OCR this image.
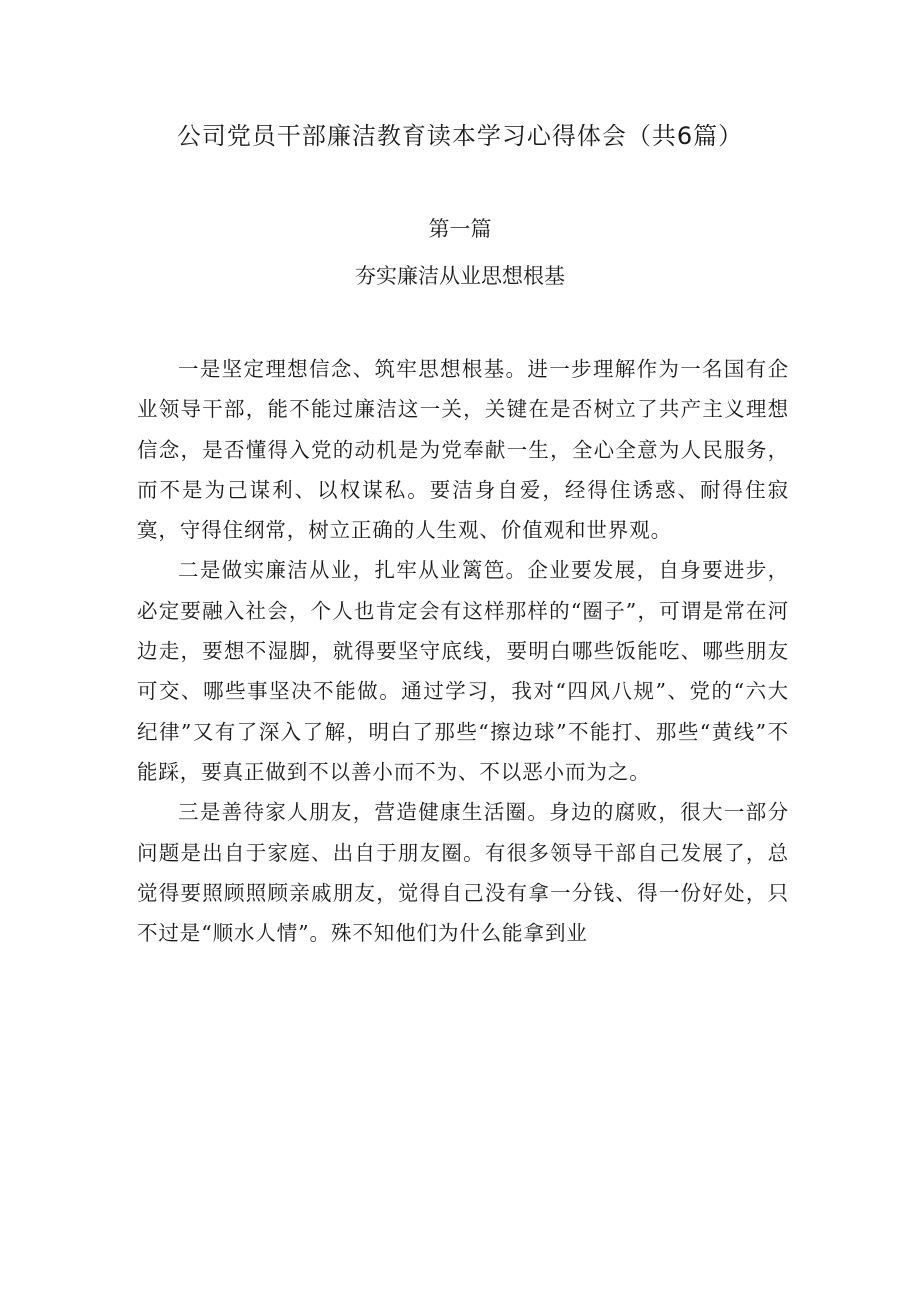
公司党员干部廉洁教育读本学习心得体会（共6篇）
第一篇
夯实廉洁从业思想根基

一是坚定理想信念、筑牢思想根基。进一步理解作为一名国有企业领导干部，能不能过廉洁这一关，关键在是否树立了共产主义理想信念，是否懂得入党的动机是为党奉献一生，全心全意为人民服务，而不是为己谋利、以权谋私。要洁身自爱，经得住诱惑、耐得住寂寞，守得住纲常，树立正确的人生观、价值观和世界观。

二是做实廉洁从业，扎牢从业篱笆。企业要发展，自身要进步，必定要融入社会，个人也肯定会有这样那样的“圈子”，可谓是常在河边走，要想不湿脚，就得要坚守底线，要明白哪些饭能吃、哪些朋友可交、哪些事坚决不能做。通过学习，我对“四风八规”、党的“六大纪律”又有了深入了解，明白了那些“擦边球”不能打、那些“黄线”不能踩，要真正做到不以善小而不为、不以恶小而为之。

三是善待家人朋友，营造健康生活圈。身边的腐败，很大一部分问题是出自于家庭、出自于朋友圈。有很多领导干部自己发展了，总觉得要照顾照顾亲戚朋友，觉得自己没有拿一分钱、得一份好处，只不过是“顺水人情”。殊不知他们为什么能拿到业
